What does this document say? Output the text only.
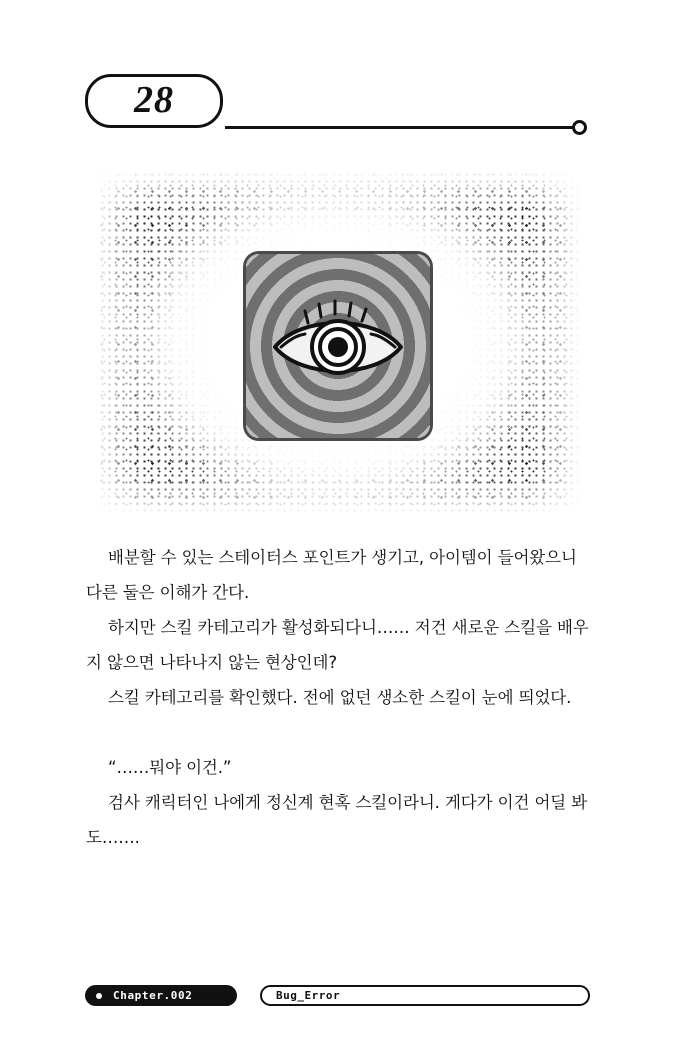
28

배분할 수 있는 스테이터스 포인트가 생기고, 아이템이 들어왔으니 다른 둘은 이해가 간다.

하지만 스킬 카테고리가 활성화되다니…… 저건 새로운 스킬을 배우지 않으면 나타나지 않는 현상인데?

스킬 카테고리를 확인했다. 전에 없던 생소한 스킬이 눈에 띄었다.

“……뭐야 이건.”

검사 캐릭터인 나에게 정신계 현혹 스킬이라니. 게다가 이건 어딜 봐도…….

Chapter.002	Bug_Error
